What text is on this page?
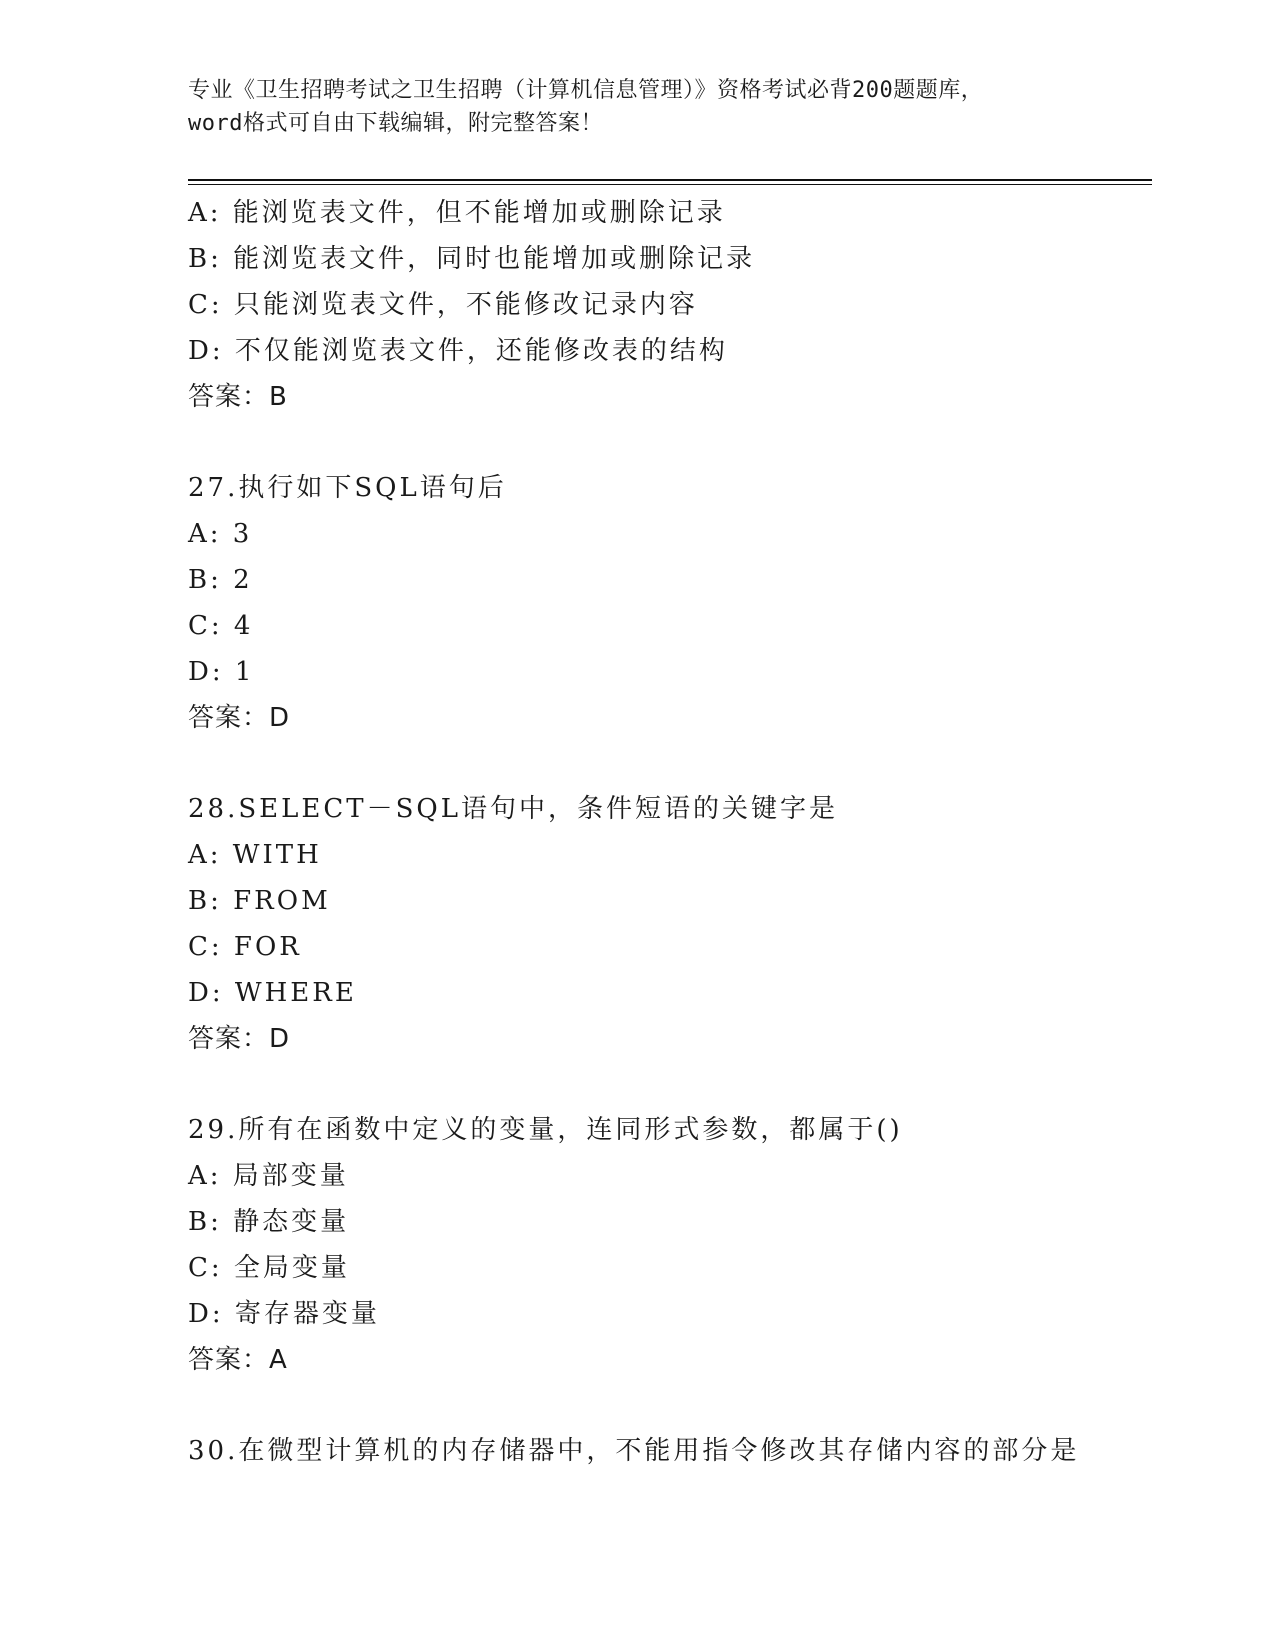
专业《卫生招聘考试之卫生招聘（计算机信息管理）》资格考试必背200题题库，
word格式可自由下载编辑，附完整答案！
A: 能浏览表文件，但不能增加或删除记录
B: 能浏览表文件，同时也能增加或删除记录
C: 只能浏览表文件，不能修改记录内容
D: 不仅能浏览表文件，还能修改表的结构
答案：B
27.执行如下SQL语句后
A: 3
B: 2
C: 4
D: 1
答案：D
28.SELECT－SQL语句中，条件短语的关键字是
A: WITH
B: FROM
C: FOR
D: WHERE
答案：D
29.所有在函数中定义的变量，连同形式参数，都属于()
A: 局部变量
B: 静态变量
C: 全局变量
D: 寄存器变量
答案：A
30.在微型计算机的内存储器中，不能用指令修改其存储内容的部分是
